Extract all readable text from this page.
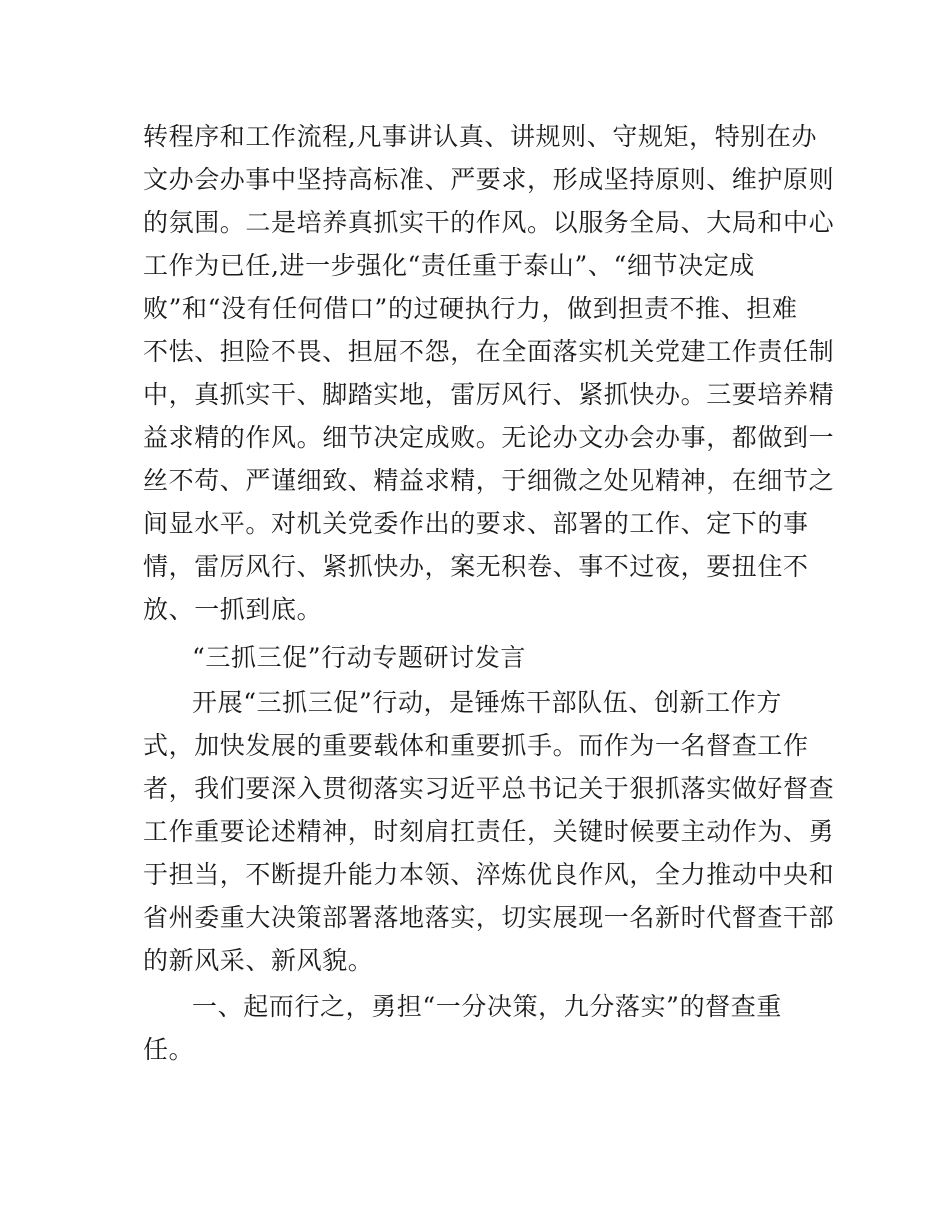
转程序和工作流程,凡事讲认真、讲规则、守规矩，特别在办
文办会办事中坚持高标准、严要求，形成坚持原则、维护原则
的氛围。二是培养真抓实干的作风。以服务全局、大局和中心
工作为已任,进一步强化“责任重于泰山”、“细节决定成
败”和“没有任何借口”的过硬执行力，做到担责不推、担难
不怯、担险不畏、担屈不怨，在全面落实机关党建工作责任制
中，真抓实干、脚踏实地，雷厉风行、紧抓快办。三要培养精
益求精的作风。细节决定成败。无论办文办会办事，都做到一
丝不苟、严谨细致、精益求精，于细微之处见精神，在细节之
间显水平。对机关党委作出的要求、部署的工作、定下的事
情，雷厉风行、紧抓快办，案无积卷、事不过夜，要扭住不
放、一抓到底。
“三抓三促”行动专题研讨发言
开展“三抓三促”行动，是锤炼干部队伍、创新工作方
式，加快发展的重要载体和重要抓手。而作为一名督查工作
者，我们要深入贯彻落实习近平总书记关于狠抓落实做好督查
工作重要论述精神，时刻肩扛责任，关键时候要主动作为、勇
于担当，不断提升能力本领、淬炼优良作风，全力推动中央和
省州委重大决策部署落地落实，切实展现一名新时代督查干部
的新风采、新风貌。
一、起而行之，勇担“一分决策，九分落实”的督查重
任。
